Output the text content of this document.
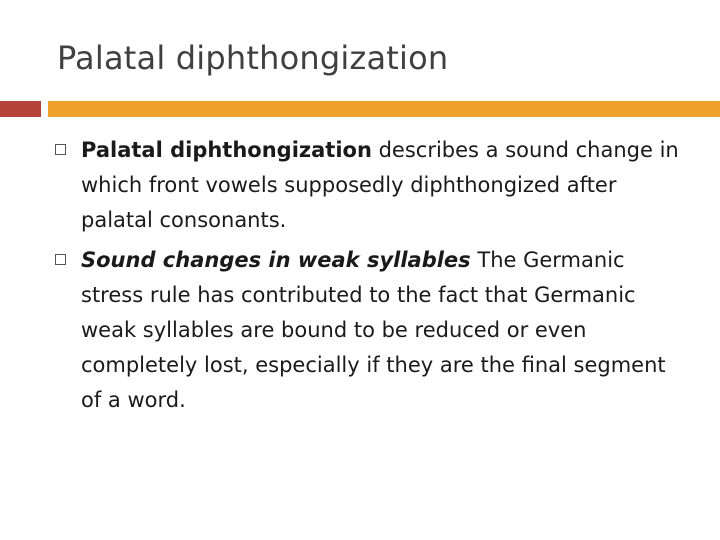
Palatal diphthongization
Palatal diphthongization describes a sound change in which front vowels supposedly diphthongized after palatal consonants.
Sound changes in weak syllables The Germanic stress rule has contributed to the fact that Germanic weak syllables are bound to be reduced or even completely lost, especially if they are the final segment of a word.
